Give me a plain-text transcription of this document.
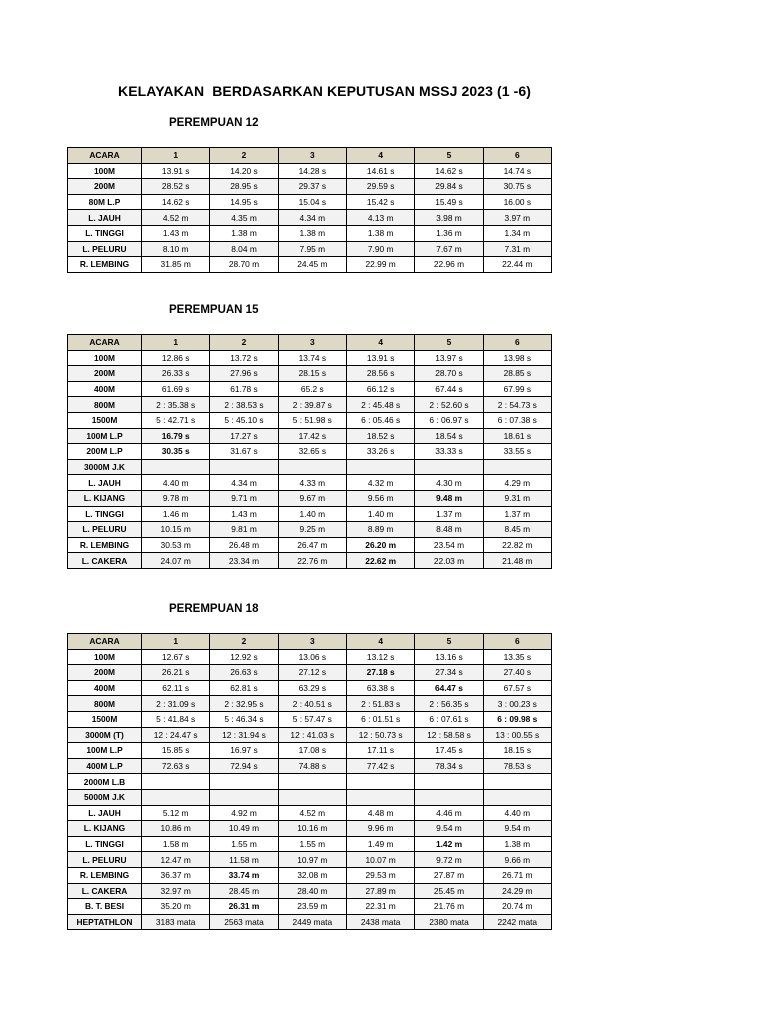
KELAYAKAN  BERDASARKAN KEPUTUSAN MSSJ 2023 (1 -6)
PEREMPUAN 12
ACARA	1	2	3	4	5	6
100M	13.91 s	14.20 s	14.28 s	14.61 s	14.62 s	14.74 s
200M	28.52 s	28.95 s	29.37 s	29.59 s	29.84 s	30.75 s
80M L.P	14.62 s	14.95 s	15.04 s	15.42 s	15.49 s	16.00 s
L. JAUH	4.52 m	4.35 m	4.34 m	4.13 m	3.98 m	3.97 m
L. TINGGI	1.43 m	1.38 m	1.38 m	1.38 m	1.36 m	1.34 m
L. PELURU	8.10 m	8.04 m	7.95 m	7.90 m	7.67 m	7.31 m
R. LEMBING	31.85 m	28.70 m	24.45 m	22.99 m	22.96 m	22.44 m
PEREMPUAN 15
ACARA	1	2	3	4	5	6
100M	12.86 s	13.72 s	13.74 s	13.91 s	13.97 s	13.98 s
200M	26.33 s	27.96 s	28.15 s	28.56 s	28.70 s	28.85 s
400M	61.69 s	61.78 s	65.2 s	66.12 s	67.44 s	67.99 s
800M	2 : 35.38 s	2 : 38.53 s	2 : 39.87 s	2 : 45.48 s	2 : 52.60 s	2 : 54.73 s
1500M	5 : 42.71 s	5 : 45.10 s	5 : 51.98 s	6 : 05.46 s	6 : 06.97 s	6 : 07.38 s
100M L.P	16.79 s	17.27 s	17.42 s	18.52 s	18.54 s	18.61 s
200M L.P	30.35 s	31.67 s	32.65 s	33.26 s	33.33 s	33.55 s
3000M J.K						
L. JAUH	4.40 m	4.34 m	4.33 m	4.32 m	4.30 m	4.29 m
L. KIJANG	9.78 m	9.71 m	9.67 m	9.56 m	9.48 m	9.31 m
L. TINGGI	1.46 m	1.43 m	1.40 m	1.40 m	1.37 m	1.37 m
L. PELURU	10.15 m	9.81 m	9.25 m	8.89 m	8.48 m	8.45 m
R. LEMBING	30.53 m	26.48 m	26.47 m	26.20 m	23.54 m	22.82 m
L. CAKERA	24.07 m	23.34 m	22.76 m	22.62 m	22.03 m	21.48 m
PEREMPUAN 18
ACARA	1	2	3	4	5	6
100M	12.67 s	12.92 s	13.06 s	13.12 s	13.16 s	13.35 s
200M	26.21 s	26.63 s	27.12 s	27.18 s	27.34 s	27.40 s
400M	62.11 s	62.81 s	63.29 s	63.38 s	64.47 s	67.57 s
800M	2 : 31.09 s	2 : 32.95 s	2 : 40.51 s	2 : 51.83 s	2 : 56.35 s	3 : 00.23 s
1500M	5 : 41.84 s	5 : 46.34 s	5 : 57.47 s	6 : 01.51 s	6 : 07.61 s	6 : 09.98 s
3000M (T)	12 : 24.47 s	12 : 31.94 s	12 : 41.03 s	12 : 50.73 s	12 : 58.58 s	13 : 00.55 s
100M L.P	15.85 s	16.97 s	17.08 s	17.11 s	17.45 s	18.15 s
400M L.P	72.63 s	72.94 s	74.88 s	77.42 s	78.34 s	78.53 s
2000M L.B						
5000M J.K						
L. JAUH	5.12 m	4.92 m	4.52 m	4.48 m	4.46 m	4.40 m
L. KIJANG	10.86 m	10.49 m	10.16 m	9.96 m	9.54 m	9.54 m
L. TINGGI	1.58 m	1.55 m	1.55 m	1.49 m	1.42 m	1.38 m
L. PELURU	12.47 m	11.58 m	10.97 m	10.07 m	9.72 m	9.66 m
R. LEMBING	36.37 m	33.74 m	32.08 m	29.53 m	27.87 m	26.71 m
L. CAKERA	32.97 m	28.45 m	28.40 m	27.89 m	25.45 m	24.29 m
B. T. BESI	35.20 m	26.31 m	23.59 m	22.31 m	21.76 m	20.74 m
HEPTATHLON	3183 mata	2563 mata	2449 mata	2438 mata	2380 mata	2242 mata
